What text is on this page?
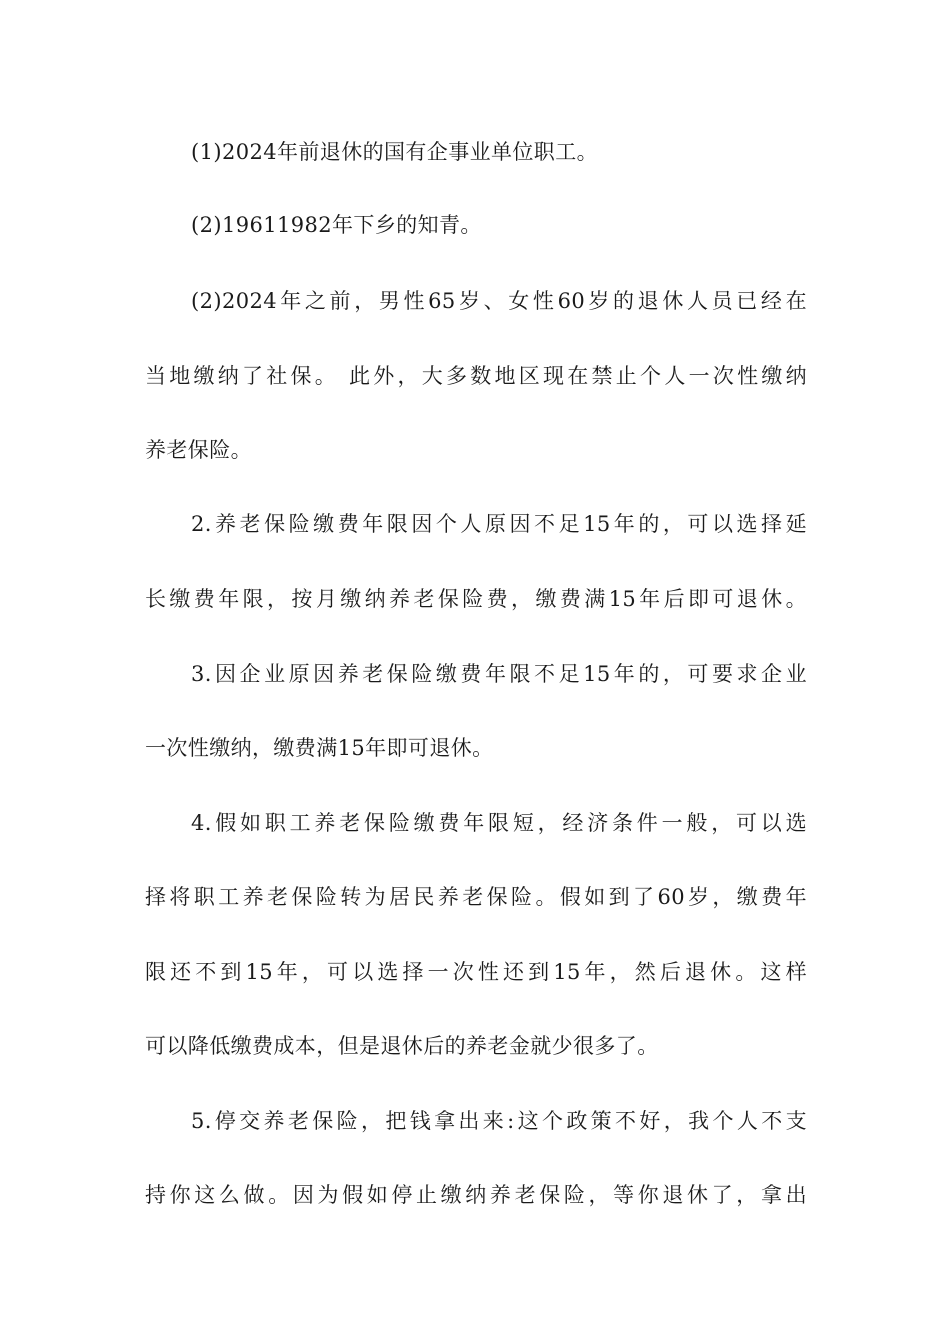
(1)2024年前退休的国有企事业单位职工。
(2)19611982年下乡的知青。
(2)2024年之前，男性65岁、女性60岁的退休人员已经在
当地缴纳了社保。 此外，大多数地区现在禁止个人一次性缴纳
养老保险。
2.养老保险缴费年限因个人原因不足15年的，可以选择延
长缴费年限，按月缴纳养老保险费，缴费满15年后即可退休。
3.因企业原因养老保险缴费年限不足15年的，可要求企业
一次性缴纳，缴费满15年即可退休。
4.假如职工养老保险缴费年限短，经济条件一般，可以选
择将职工养老保险转为居民养老保险。假如到了60岁，缴费年
限还不到15年，可以选择一次性还到15年，然后退休。这样
可以降低缴费成本，但是退休后的养老金就少很多了。
5.停交养老保险，把钱拿出来:这个政策不好，我个人不支
持你这么做。因为假如停止缴纳养老保险，等你退休了，拿出
